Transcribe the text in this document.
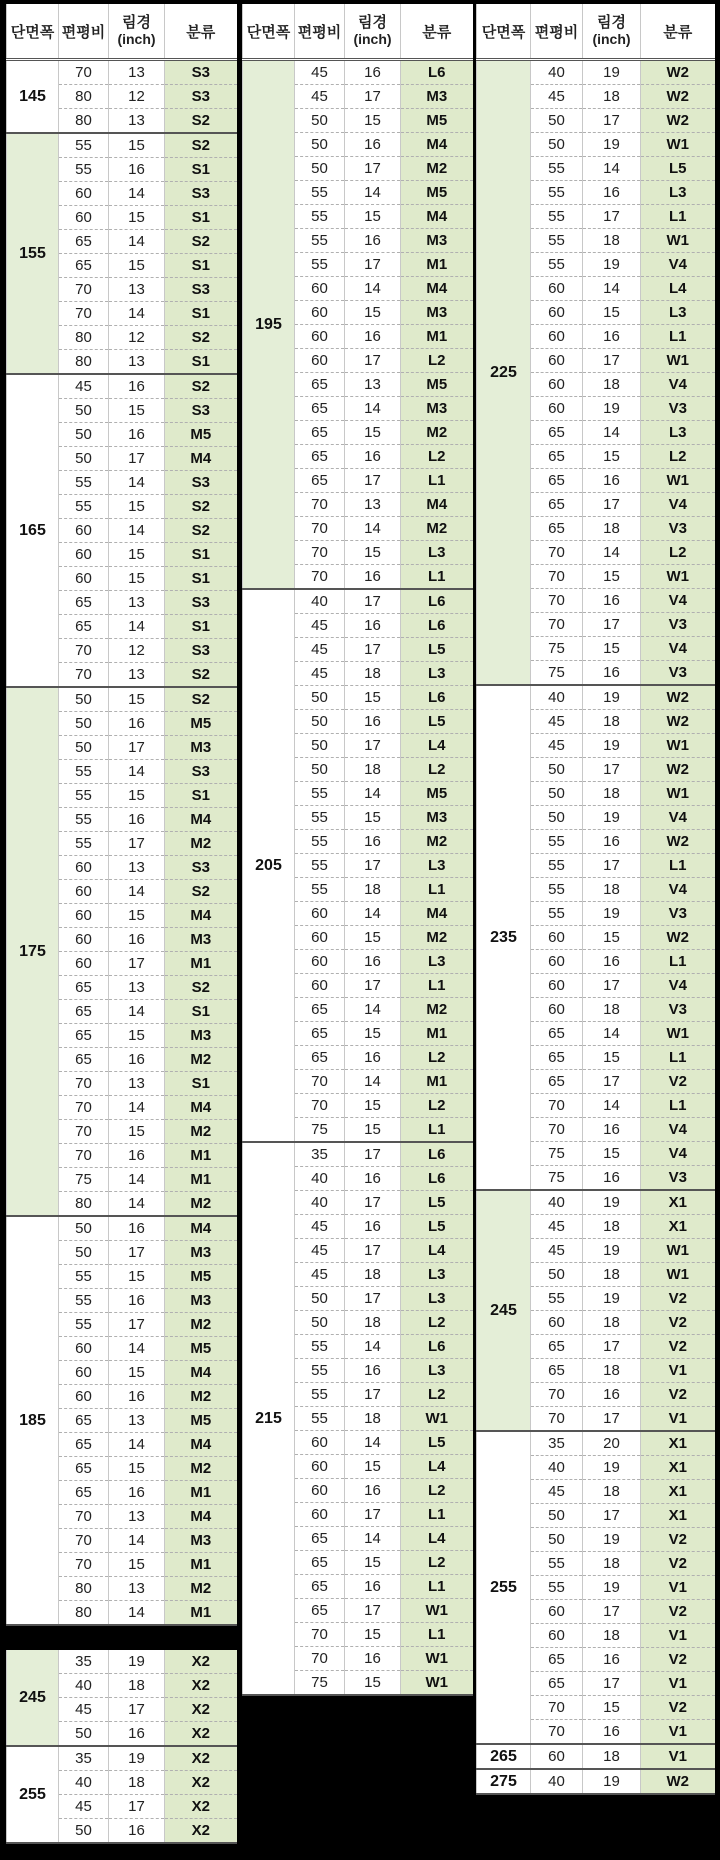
단면폭	편평비	림경
(inch)	분류
145	70	13	S3
	80	12	S3
	80	13	S2
155	55	15	S2
	55	16	S1
	60	14	S3
	60	15	S1
	65	14	S2
	65	15	S1
	70	13	S3
	70	14	S1
	80	12	S2
	80	13	S1
165	45	16	S2
	50	15	S3
	50	16	M5
	50	17	M4
	55	14	S3
	55	15	S2
	60	14	S2
	60	15	S1
	60	15	S1
	65	13	S3
	65	14	S1
	70	12	S3
	70	13	S2
175	50	15	S2
	50	16	M5
	50	17	M3
	55	14	S3
	55	15	S1
	55	16	M4
	55	17	M2
	60	13	S3
	60	14	S2
	60	15	M4
	60	16	M3
	60	17	M1
	65	13	S2
	65	14	S1
	65	15	M3
	65	16	M2
	70	13	S1
	70	14	M4
	70	15	M2
	70	16	M1
	75	14	M1
	80	14	M2
185	50	16	M4
	50	17	M3
	55	15	M5
	55	16	M3
	55	17	M2
	60	14	M5
	60	15	M4
	60	16	M2
	65	13	M5
	65	14	M4
	65	15	M2
	65	16	M1
	70	13	M4
	70	14	M3
	70	15	M1
	80	13	M2
	80	14	M1
245	35	19	X2
	40	18	X2
	45	17	X2
	50	16	X2
255	35	19	X2
	40	18	X2
	45	17	X2
	50	16	X2
단면폭	편평비	림경
(inch)	분류
195	45	16	L6
	45	17	M3
	50	15	M5
	50	16	M4
	50	17	M2
	55	14	M5
	55	15	M4
	55	16	M3
	55	17	M1
	60	14	M4
	60	15	M3
	60	16	M1
	60	17	L2
	65	13	M5
	65	14	M3
	65	15	M2
	65	16	L2
	65	17	L1
	70	13	M4
	70	14	M2
	70	15	L3
	70	16	L1
205	40	17	L6
	45	16	L6
	45	17	L5
	45	18	L3
	50	15	L6
	50	16	L5
	50	17	L4
	50	18	L2
	55	14	M5
	55	15	M3
	55	16	M2
	55	17	L3
	55	18	L1
	60	14	M4
	60	15	M2
	60	16	L3
	60	17	L1
	65	14	M2
	65	15	M1
	65	16	L2
	70	14	M1
	70	15	L2
	75	15	L1
215	35	17	L6
	40	16	L6
	40	17	L5
	45	16	L5
	45	17	L4
	45	18	L3
	50	17	L3
	50	18	L2
	55	14	L6
	55	16	L3
	55	17	L2
	55	18	W1
	60	14	L5
	60	15	L4
	60	16	L2
	60	17	L1
	65	14	L4
	65	15	L2
	65	16	L1
	65	17	W1
	70	15	L1
	70	16	W1
	75	15	W1
단면폭	편평비	림경
(inch)	분류
225	40	19	W2
	45	18	W2
	50	17	W2
	50	19	W1
	55	14	L5
	55	16	L3
	55	17	L1
	55	18	W1
	55	19	V4
	60	14	L4
	60	15	L3
	60	16	L1
	60	17	W1
	60	18	V4
	60	19	V3
	65	14	L3
	65	15	L2
	65	16	W1
	65	17	V4
	65	18	V3
	70	14	L2
	70	15	W1
	70	16	V4
	70	17	V3
	75	15	V4
	75	16	V3
235	40	19	W2
	45	18	W2
	45	19	W1
	50	17	W2
	50	18	W1
	50	19	V4
	55	16	W2
	55	17	L1
	55	18	V4
	55	19	V3
	60	15	W2
	60	16	L1
	60	17	V4
	60	18	V3
	65	14	W1
	65	15	L1
	65	17	V2
	70	14	L1
	70	16	V4
	75	15	V4
	75	16	V3
245	40	19	X1
	45	18	X1
	45	19	W1
	50	18	W1
	55	19	V2
	60	18	V2
	65	17	V2
	65	18	V1
	70	16	V2
	70	17	V1
255	35	20	X1
	40	19	X1
	45	18	X1
	50	17	X1
	50	19	V2
	55	18	V2
	55	19	V1
	60	17	V2
	60	18	V1
	65	16	V2
	65	17	V1
	70	15	V2
	70	16	V1
265	60	18	V1
275	40	19	W2
